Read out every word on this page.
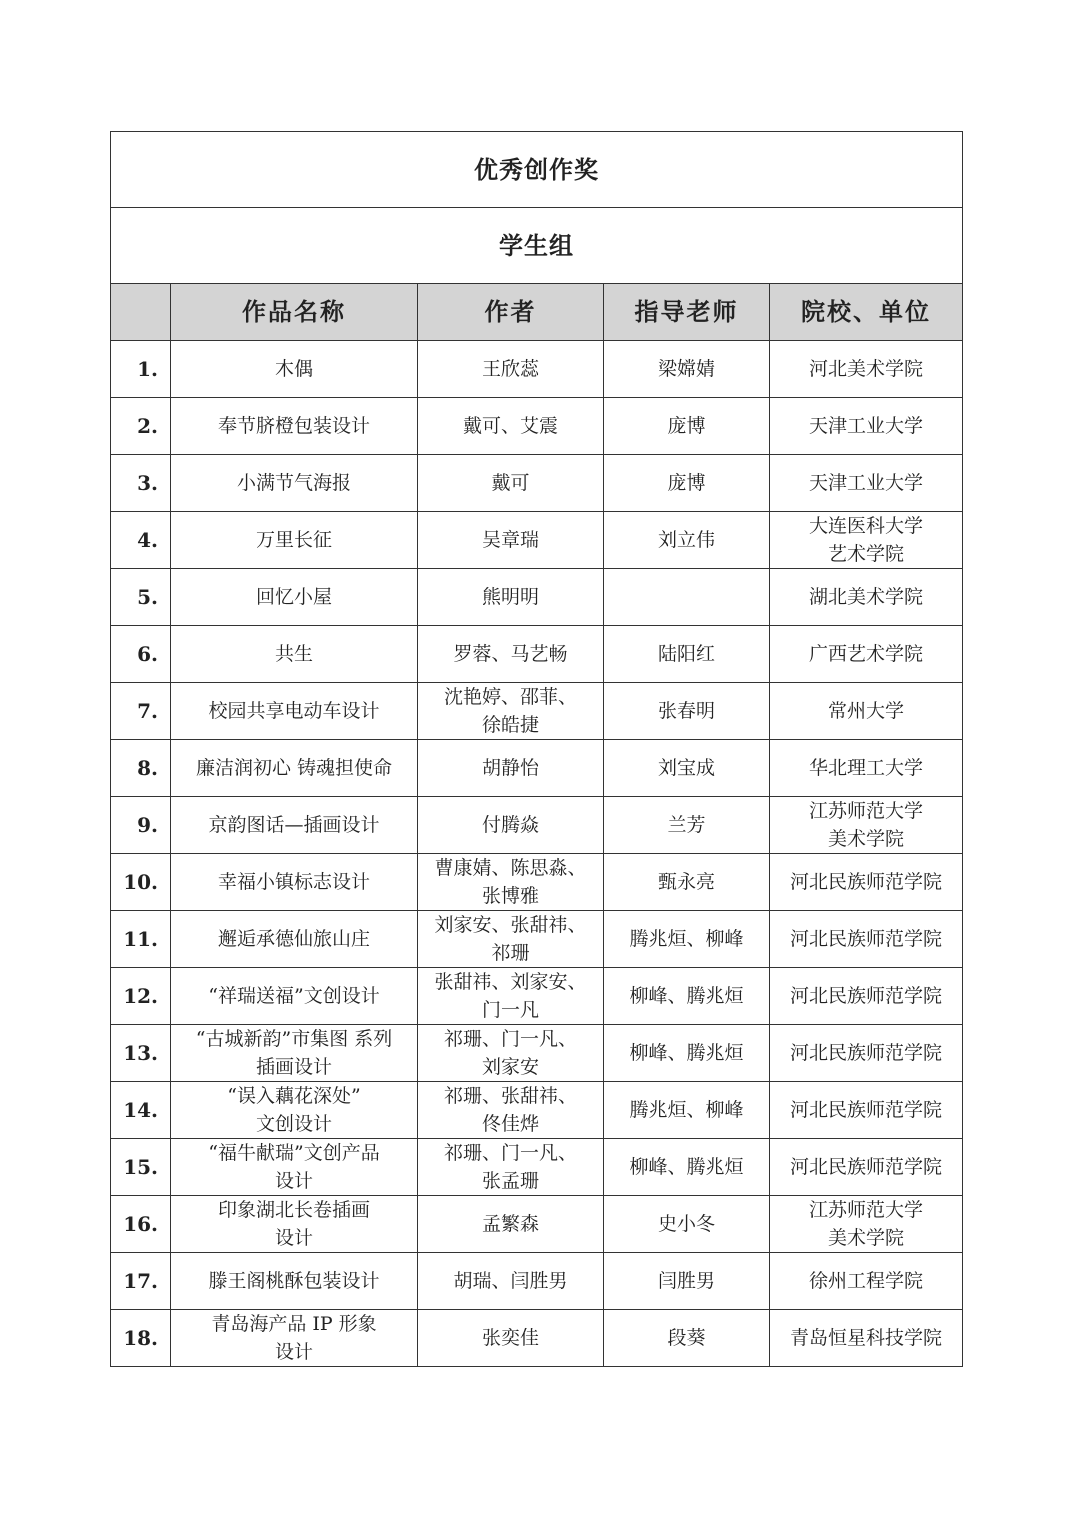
优秀创作奖				
学生组				
	作品名称	作者	指导老师	院校、单位
1.	木偶	王欣蕊	梁嫦婧	河北美术学院

2.	奉节脐橙包装设计	戴可、艾震	庞博	天津工业大学

3.	小满节气海报	戴可	庞博	天津工业大学

4.	万里长征	吴章瑞	刘立伟	大连医科大学
艺术学院

5.	回忆小屋	熊明明		湖北美术学院

6.	共生	罗蓉、马艺畅	陆阳红	广西艺术学院

7.	校园共享电动车设计	沈艳婷、邵菲、
徐皓捷	张春明	常州大学

8.	廉洁润初心 铸魂担使命	胡静怡	刘宝成	华北理工大学

9.	京韵图话—插画设计	付腾焱	兰芳	江苏师范大学
美术学院

10.	幸福小镇标志设计	曹康婧、陈思淼、
张博雅	甄永亮	河北民族师范学院

11.	邂逅承德仙旅山庄	刘家安、张甜祎、
祁珊	腾兆烜、柳峰	河北民族师范学院

12.	“祥瑞送福”文创设计	张甜祎、刘家安、
门一凡	柳峰、腾兆烜	河北民族师范学院

13.	“古城新韵”市集图 系列
插画设计	祁珊、门一凡、
刘家安	柳峰、腾兆烜	河北民族师范学院

14.	“误入藕花深处”
文创设计	祁珊、张甜祎、
佟佳烨	腾兆烜、柳峰	河北民族师范学院

15.	“福牛献瑞”文创产品
设计	祁珊、门一凡、
张孟珊	柳峰、腾兆烜	河北民族师范学院

16.	印象湖北长卷插画
设计	孟繁森	史小冬	江苏师范大学
美术学院

17.	滕王阁桃酥包装设计	胡瑞、闫胜男	闫胜男	徐州工程学院

18.	青岛海产品 IP 形象
设计	张奕佳	段葵	青岛恒星科技学院
